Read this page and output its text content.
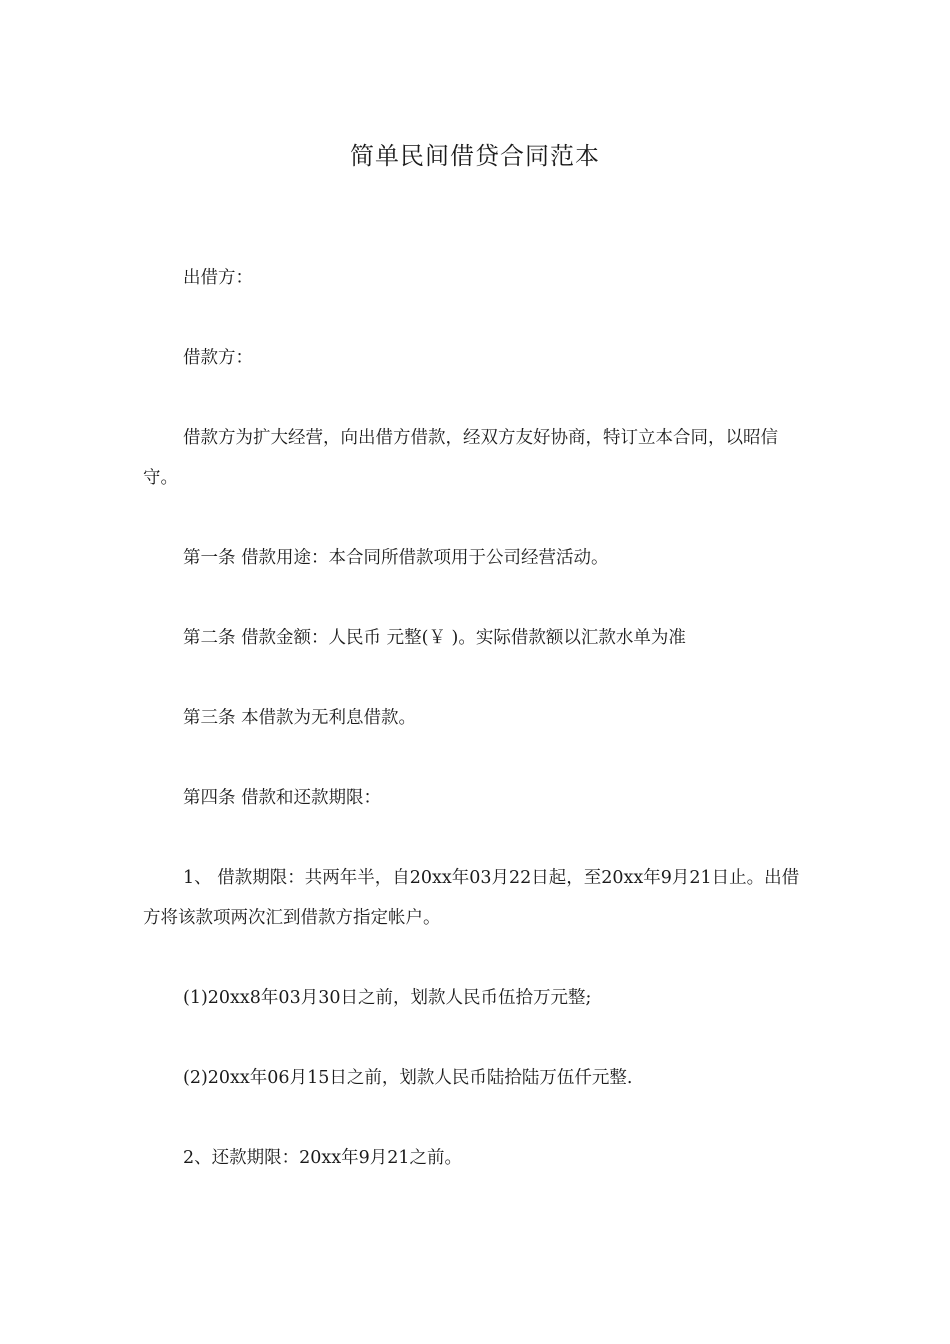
简单民间借贷合同范本

出借方：

借款方：

借款方为扩大经营，向出借方借款，经双方友好协商，特订立本合同，以昭信守。

第一条 借款用途：本合同所借款项用于公司经营活动。

第二条 借款金额：人民币 元整(￥ )。实际借款额以汇款水单为准

第三条 本借款为无利息借款。

第四条 借款和还款期限：

1、 借款期限：共两年半，自20xx年03月22日起，至20xx年9月21日止。出借方将该款项两次汇到借款方指定帐户。

(1)20xx8年03月30日之前，划款人民币伍拾万元整;

(2)20xx年06月15日之前，划款人民币陆拾陆万伍仟元整.

2、还款期限：20xx年9月21之前。
